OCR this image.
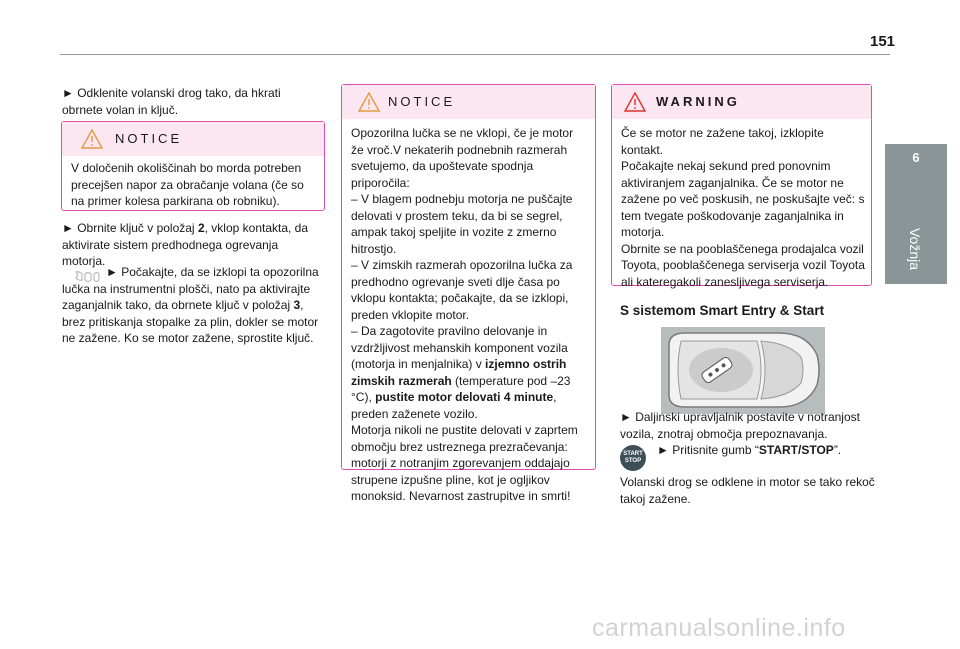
151
6
Vožnja
► Odklenite volanski drog tako, da hkrati obrnete volan in ključ.
NOTICE
V določenih okoliščinah bo morda potreben precejšen napor za obračanje volana (če so na primer kolesa parkirana ob robniku).
► Obrnite ključ v položaj 2, vklop kontakta, da aktivirate sistem predhodnega ogrevanja motorja.
► Počakajte, da se izklopi ta opozorilna lučka na instrumentni plošči, nato pa aktivirajte zaganjalnik tako, da obrnete ključ v položaj 3, brez pritiskanja stopalke za plin, dokler se motor ne zažene. Ko se motor zažene, sprostite ključ.
NOTICE
Opozorilna lučka se ne vklopi, če je motor že vroč.V nekaterih podnebnih razmerah svetujemo, da upoštevate spodnja priporočila:
– V blagem podnebju motorja ne puščajte delovati v prostem teku, da bi se segrel, ampak takoj speljite in vozite z zmerno hitrostjo.
– V zimskih razmerah opozorilna lučka za predhodno ogrevanje sveti dlje časa po vklopu kontakta; počakajte, da se izklopi, preden vklopite motor.
– Da zagotovite pravilno delovanje in vzdržljivost mehanskih komponent vozila (motorja in menjalnika) v izjemno ostrih zimskih razmerah (temperature pod –23 °C), pustite motor delovati 4 minute, preden zaženete vozilo.
Motorja nikoli ne pustite delovati v zaprtem območju brez ustreznega prezračevanja: motorji z notranjim zgorevanjem oddajajo strupene izpušne pline, kot je ogljikov monoksid. Nevarnost zastrupitve in smrti!
WARNING
Če se motor ne zažene takoj, izklopite kontakt.
Počakajte nekaj sekund pred ponovnim aktiviranjem zaganjalnika. Če se motor ne zažene po več poskusih, ne poskušajte več: s tem tvegate poškodovanje zaganjalnika in motorja.
Obrnite se na pooblaščenega prodajalca vozil Toyota, pooblaščenega serviserja vozil Toyota ali kateregakoli zanesljivega serviserja.
S sistemom Smart Entry & Start
► Daljinski upravljalnik postavite v notranjost vozila, znotraj območja prepoznavanja.
START
STOP
► Pritisnite gumb “START/STOP”.
Volanski drog se odklene in motor se tako rekoč takoj zažene.
carmanualsonline.info
